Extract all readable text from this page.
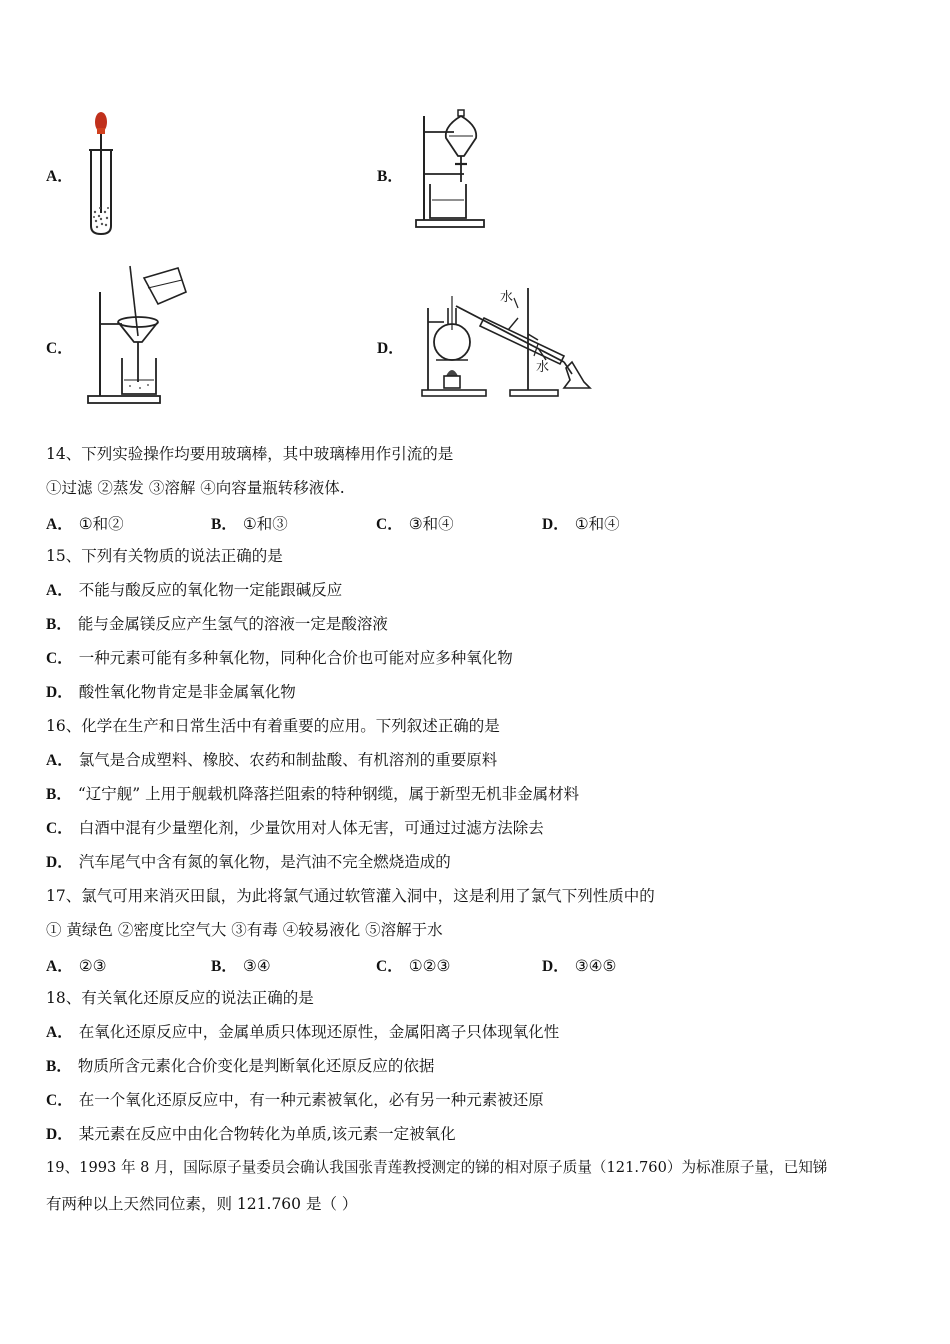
A．	B．
C．	D．
水
水
14、下列实验操作均要用玻璃棒，其中玻璃棒用作引流的是
①过滤 ②蒸发 ③溶解 ④向容量瓶转移液体.
A． ①和②	B． ①和③	C． ③和④	D． ①和④
15、下列有关物质的说法正确的是
A． 不能与酸反应的氧化物一定能跟碱反应
B． 能与金属镁反应产生氢气的溶液一定是酸溶液
C． 一种元素可能有多种氧化物，同种化合价也可能对应多种氧化物
D． 酸性氧化物肯定是非金属氧化物
16、化学在生产和日常生活中有着重要的应用。下列叙述正确的是
A． 氯气是合成塑料、橡胶、农药和制盐酸、有机溶剂的重要原料
B． “辽宁舰” 上用于舰载机降落拦阻索的特种钢缆，属于新型无机非金属材料
C． 白酒中混有少量塑化剂，少量饮用对人体无害，可通过过滤方法除去
D． 汽车尾气中含有氮的氧化物，是汽油不完全燃烧造成的
17、氯气可用来消灭田鼠，为此将氯气通过软管灌入洞中，这是利用了氯气下列性质中的
① 黄绿色 ②密度比空气大 ③有毒 ④较易液化 ⑤溶解于水
A． ②③	B． ③④	C． ①②③	D． ③④⑤
18、有关氧化还原反应的说法正确的是
A． 在氧化还原反应中，金属单质只体现还原性，金属阳离子只体现氧化性
B． 物质所含元素化合价变化是判断氧化还原反应的依据
C． 在一个氧化还原反应中，有一种元素被氧化，必有另一种元素被还原
D． 某元素在反应中由化合物转化为单质,该元素一定被氧化
19、1993 年 8 月，国际原子量委员会确认我国张青莲教授测定的锑的相对原子质量（121.760）为标准原子量，已知锑
有两种以上天然同位素，则 121.760 是（ ）
